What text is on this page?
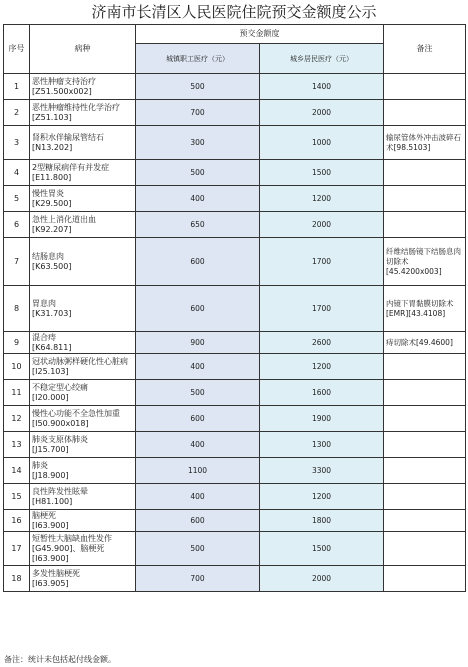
济南市长清区人民医院住院预交金额度公示
序号	病种	预交金额度		备注
		城镇职工医疗（元）	城乡居民医疗（元）	
1	恶性肿瘤支持治疗
[Z51.500x002]	500	1400	
2	恶性肿瘤维持性化学治疗
[Z51.103]	700	2000	
3	肾积水伴输尿管结石
[N13.202]	300	1000	输尿管体外冲击波碎石术[98.5103]
4	2型糖尿病伴有并发症
[E11.800]	500	1500	
5	慢性胃炎
[K29.500]	400	1200	
6	急性上消化道出血
[K92.207]	650	2000	
7	结肠息肉
[K63.500]	600	1700	纤维结肠镜下结肠息肉切除术[45.4200x003]
8	胃息肉
[K31.703]	600	1700	内镜下胃黏膜切除术[EMR][43.4108]
9	混合痔
[K64.811]	900	2600	痔切除术[49.4600]
10	冠状动脉粥样硬化性心脏病
[I25.103]	400	1200	
11	不稳定型心绞痛
[I20.000]	500	1600	
12	慢性心功能不全急性加重
[I50.900x018]	600	1900	
13	肺炎支原体肺炎
[J15.700]	400	1300	
14	肺炎
[J18.900]	1100	3300	
15	良性阵发性眩晕
[H81.100]	400	1200	
16	脑梗死
[I63.900]	600	1800	
17	短暂性大脑缺血性发作
[G45.900]、脑梗死[I63.900]	500	1500	
18	多发性脑梗死
[I63.905]	700	2000	
备注：统计未包括起付线金额。
